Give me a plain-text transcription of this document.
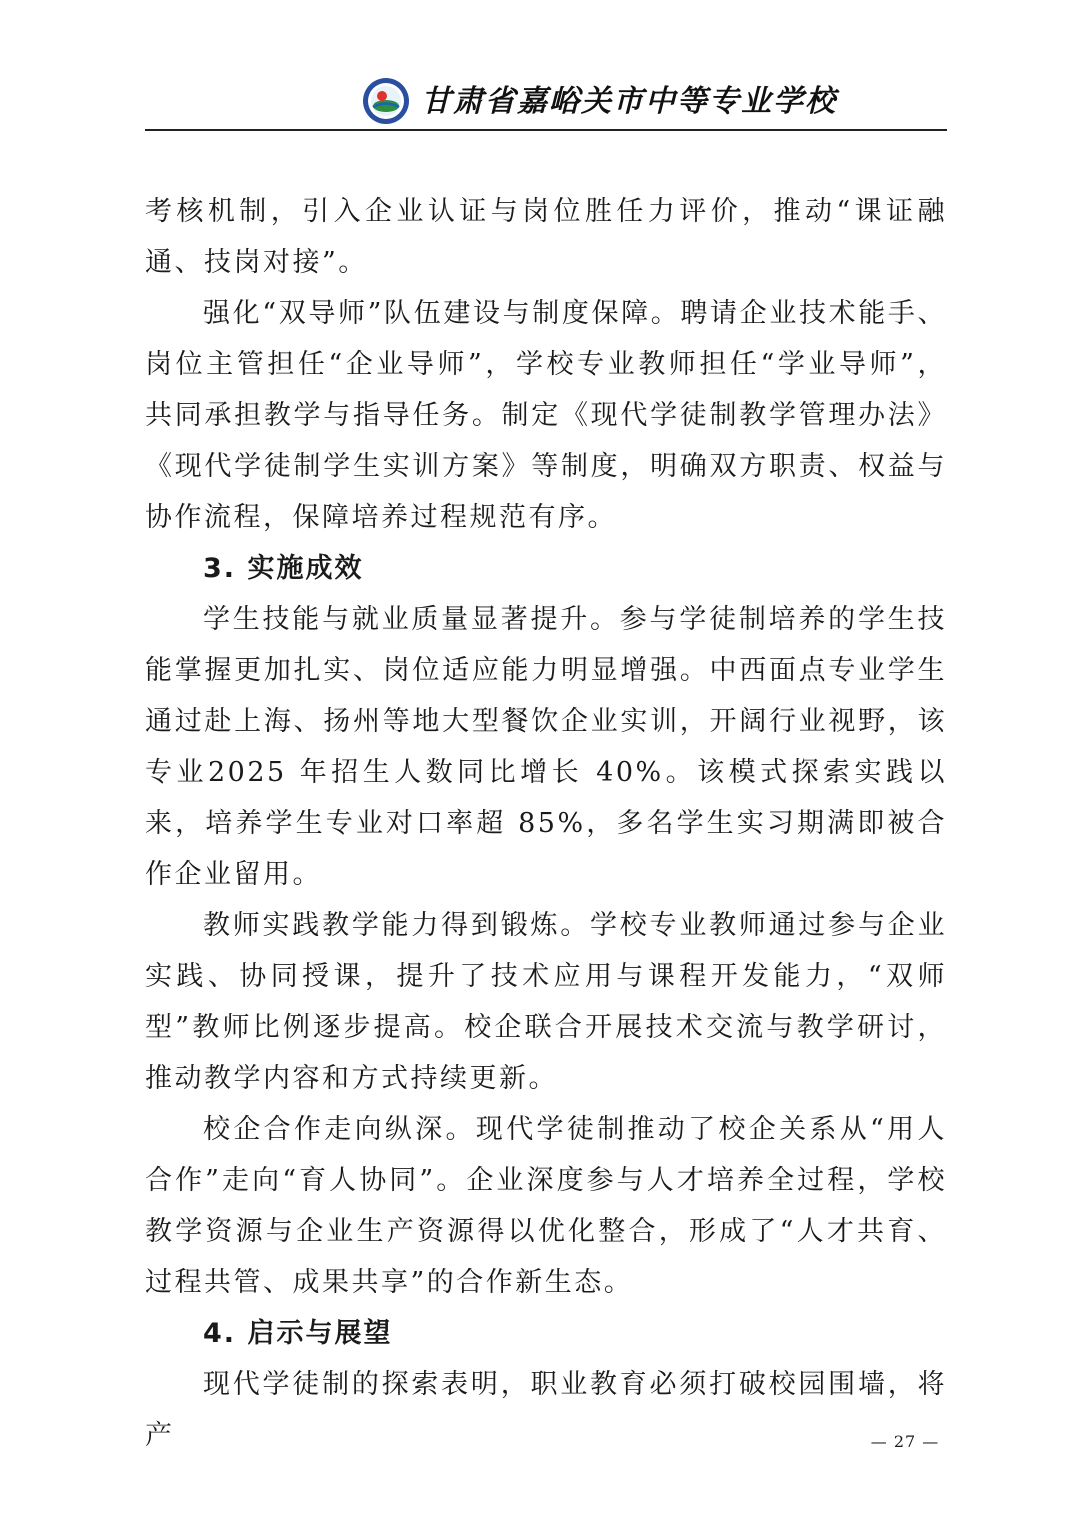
甘肃省嘉峪关市中等专业学校

考核机制，引入企业认证与岗位胜任力评价，推动“课证融通、技岗对接”。

强化“双导师”队伍建设与制度保障。聘请企业技术能手、岗位主管担任“企业导师”，学校专业教师担任“学业导师”，共同承担教学与指导任务。制定《现代学徒制教学管理办法》《现代学徒制学生实训方案》等制度，明确双方职责、权益与协作流程，保障培养过程规范有序。

3. 实施成效

学生技能与就业质量显著提升。参与学徒制培养的学生技能掌握更加扎实、岗位适应能力明显增强。中西面点专业学生通过赴上海、扬州等地大型餐饮企业实训，开阔行业视野，该专业2025 年招生人数同比增长 40%。该模式探索实践以来，培养学生专业对口率超 85%，多名学生实习期满即被合作企业留用。

教师实践教学能力得到锻炼。学校专业教师通过参与企业实践、协同授课，提升了技术应用与课程开发能力，“双师型”教师比例逐步提高。校企联合开展技术交流与教学研讨，推动教学内容和方式持续更新。

校企合作走向纵深。现代学徒制推动了校企关系从“用人合作”走向“育人协同”。企业深度参与人才培养全过程，学校教学资源与企业生产资源得以优化整合，形成了“人才共育、过程共管、成果共享”的合作新生态。

4. 启示与展望

现代学徒制的探索表明，职业教育必须打破校园围墙，将产	— 27 —
